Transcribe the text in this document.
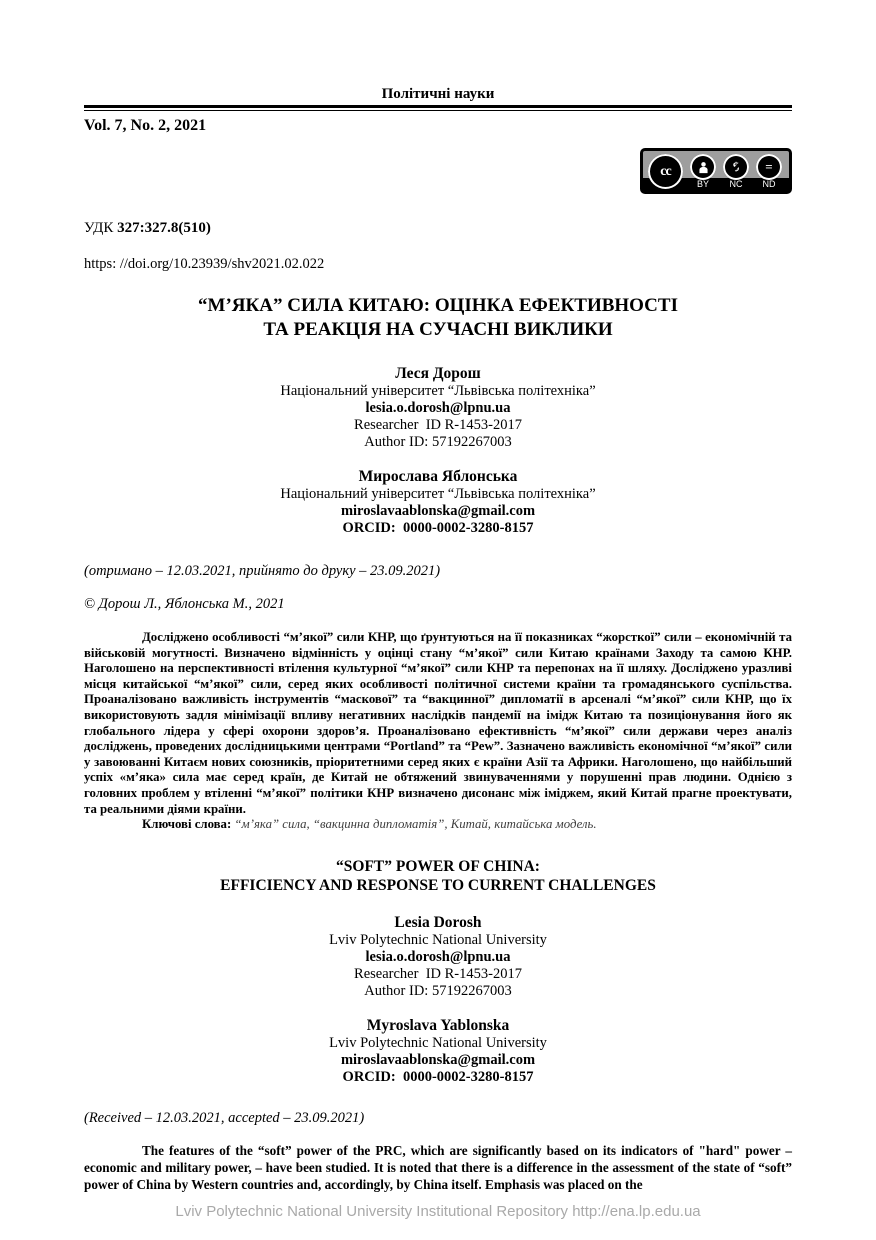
Політичні науки
Vol. 7, No. 2, 2021
cc	=
BY	NC	ND

УДК 327:327.8(510)

https: //doi.org/10.23939/shv2021.02.022

“М’ЯКА” СИЛА КИТАЮ: ОЦІНКА ЕФЕКТИВНОСТІ
ТА РЕАКЦІЯ НА СУЧАСНІ ВИКЛИКИ
Леся Дорош
Національний університет “Львівська політехніка”
lesia.o.dorosh@lpnu.ua
Researcher  ID R-1453-2017
Author ID: 57192267003
Мирослава Яблонська
Національний університет “Львівська політехніка”
miroslavaablonska@gmail.com
ORCID:  0000-0002-3280-8157
(отримано – 12.03.2021, прийнято до друку – 23.09.2021)
© Дорош Л., Яблонська М., 2021

Досліджено особливості “м’якої” сили КНР, що ґрунтуються на її показниках “жорсткої” сили – економічній та військовій могутності. Визначено відмінність у оцінці стану “м’якої” сили Китаю країнами Заходу та самою КНР. Наголошено на перспективності втілення культурної “м’якої” сили КНР та перепонах на її шляху. Досліджено уразливі місця китайської “м’якої” сили, серед яких особливості політичної системи країни та громадянського суспільства. Проаналізовано важливість інструментів “маскової” та “вакцинної” дипломатії в арсеналі “м’якої” сили КНР, що їх використовують задля мінімізації впливу негативних наслідків пандемії на імідж Китаю та позиціонування його як глобального лідера у сфері охорони здоров’я. Проаналізовано ефективність “м’якої” сили держави через аналіз досліджень, проведених дослідницькими центрами “Portland” та “Pew”. Зазначено важливість економічної “м’якої” сили у завоюванні Китаєм нових союзників, пріоритетними серед яких є країни Азії та Африки. Наголошено, що найбільший успіх «м’яка» сила має серед країн, де Китай не обтяжений звинуваченнями у порушенні прав людини. Однією з головних проблем у втіленні “м’якої” політики КНР визначено дисонанс між іміджем, який Китай прагне проектувати, та реальними діями країни.

Ключові слова: “м’яка” сила, “вакцинна дипломатія”, Китай, китайська модель.

“SOFT” POWER OF CHINA:
EFFICIENCY AND RESPONSE TO CURRENT CHALLENGES
Lesia Dorosh
Lviv Polytechnic National University
lesia.o.dorosh@lpnu.ua
Researcher  ID R-1453-2017
Author ID: 57192267003
Myroslava Yablonska
Lviv Polytechnic National University
miroslavaablonska@gmail.com
ORCID:  0000-0002-3280-8157
(Received – 12.03.2021, accepted – 23.09.2021)

The features of the “soft” power of the PRC, which are significantly based on its indicators of "hard" power – economic and military power, – have been studied. It is noted that there is a difference in the assessment of the state of “soft” power of China by Western countries and, accordingly, by China itself. Emphasis was placed on the

Lviv Polytechnic National University Institutional Repository http://ena.lp.edu.ua
